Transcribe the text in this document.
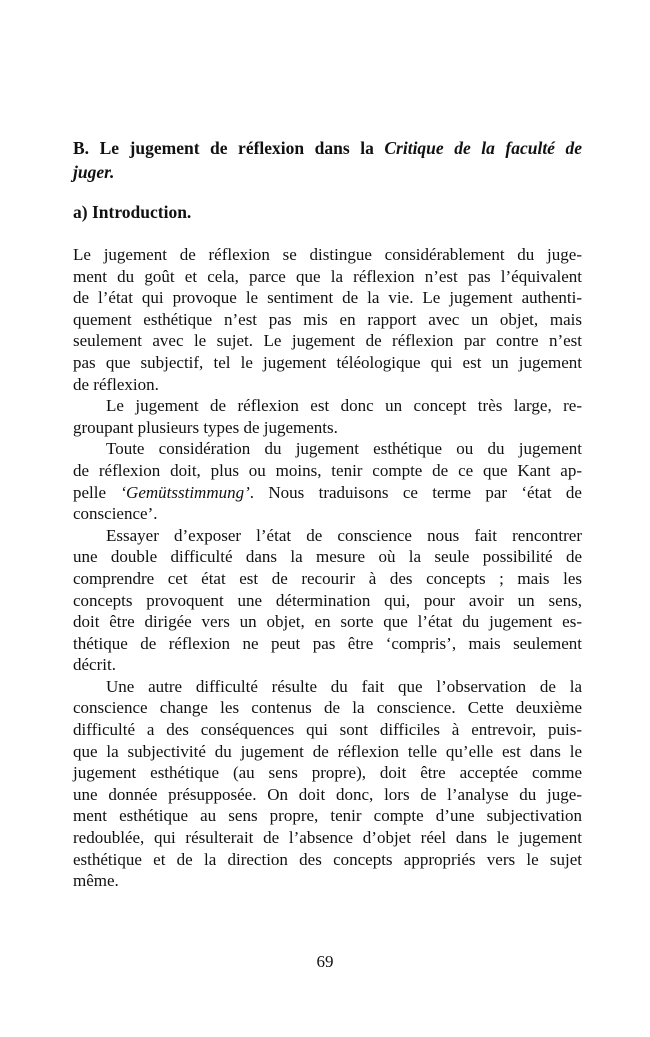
B. Le jugement de réflexion dans la Critique de la faculté de
juger.
a) Introduction.
Le jugement de réflexion se distingue considérablement du juge-
ment du goût et cela, parce que la réflexion n’est pas l’équivalent
de l’état qui provoque le sentiment de la vie. Le jugement authenti-
quement esthétique n’est pas mis en rapport avec un objet, mais
seulement avec le sujet. Le jugement de réflexion par contre n’est
pas que subjectif, tel le jugement téléologique qui est un jugement
de réflexion.
Le jugement de réflexion est donc un concept très large, re-
groupant plusieurs types de jugements.
Toute considération du jugement esthétique ou du jugement
de réflexion doit, plus ou moins, tenir compte de ce que Kant ap-
pelle ‘Gemütsstimmung’. Nous traduisons ce terme par ‘état de
conscience’.
Essayer d’exposer l’état de conscience nous fait rencontrer
une double difficulté dans la mesure où la seule possibilité de
comprendre cet état est de recourir à des concepts ; mais les
concepts provoquent une détermination qui, pour avoir un sens,
doit être dirigée vers un objet, en sorte que l’état du jugement es-
thétique de réflexion ne peut pas être ‘compris’, mais seulement
décrit.
Une autre difficulté résulte du fait que l’observation de la
conscience change les contenus de la conscience. Cette deuxième
difficulté a des conséquences qui sont difficiles à entrevoir, puis-
que la subjectivité du jugement de réflexion telle qu’elle est dans le
jugement esthétique (au sens propre), doit être acceptée comme
une donnée présupposée. On doit donc, lors de l’analyse du juge-
ment esthétique au sens propre, tenir compte d’une subjectivation
redoublée, qui résulterait de l’absence d’objet réel dans le jugement
esthétique et de la direction des concepts appropriés vers le sujet
même.
69
